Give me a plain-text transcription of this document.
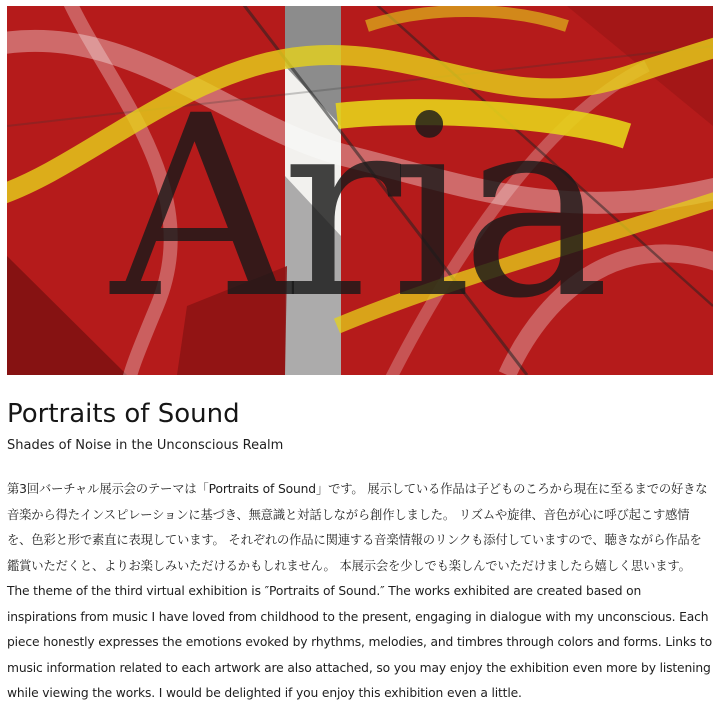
Aria
Portraits of Sound

Shades of Noise in the Unconscious Realm

第3回バーチャル展示会のテーマは「Portraits of Sound」です。 展示している作品は子どものころから現在に至るまでの好きな音楽から得たインスピレーションに基づき、無意識と対話しながら創作しました。 リズムや旋律、音色が心に呼び起こす感情を、色彩と形で素直に表現しています。 それぞれの作品に関連する音楽情報のリンクも添付していますので、聴きながら作品を鑑賞いただくと、よりお楽しみいただけるかもしれません。 本展示会を少しでも楽しんでいただけましたら嬉しく思います。 The theme of the third virtual exhibition is ″Portraits of Sound.″ The works exhibited are created based on inspirations from music I have loved from childhood to the present, engaging in dialogue with my unconscious. Each piece honestly expresses the emotions evoked by rhythms, melodies, and timbres through colors and forms. Links to music information related to each artwork are also attached, so you may enjoy the exhibition even more by listening while viewing the works. I would be delighted if you enjoy this exhibition even a little.
